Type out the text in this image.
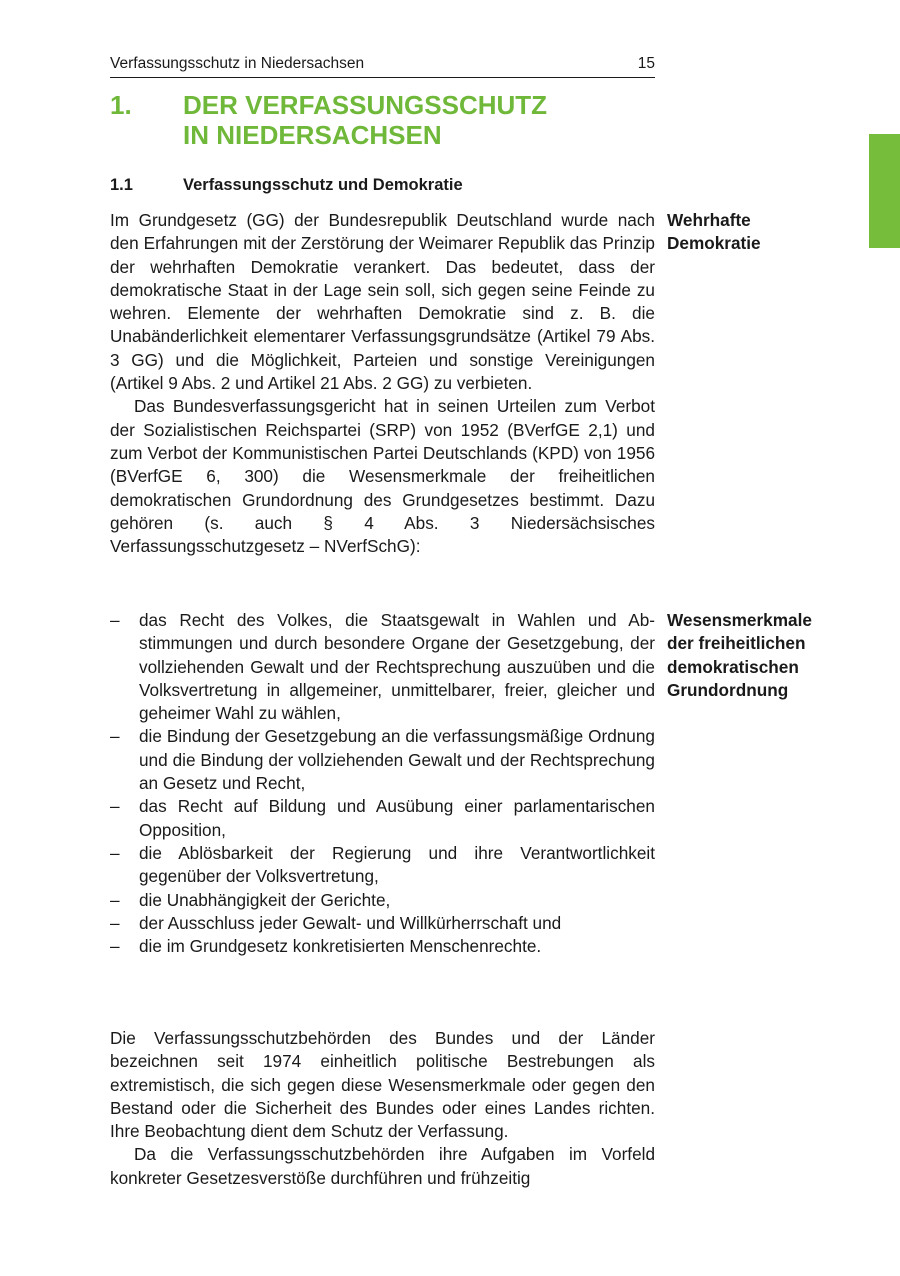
Verfassungsschutz in Niedersachsen	15
1. DER VERFASSUNGSSCHUTZ
IN NIEDERSACHSEN
1.1	Verfassungsschutz und Demokratie

Im Grundgesetz (GG) der Bundesrepublik Deutschland wurde nach den Erfahrungen mit der Zerstörung der Weimarer Republik das Prinzip der wehrhaften Demokratie verankert. Das bedeutet, dass der demokratische Staat in der Lage sein soll, sich gegen seine Feinde zu wehren. Elemente der wehrhaften Demokratie sind z. B. die Unabänderlichkeit elementarer Verfassungsgrundsätze (Artikel 79 Abs. 3 GG) und die Möglichkeit, Parteien und sonstige Vereinigungen (Artikel 9 Abs. 2 und Artikel 21 Abs. 2 GG) zu verbieten.

Das Bundesverfassungsgericht hat in seinen Urteilen zum Verbot der Sozialistischen Reichspartei (SRP) von 1952 (BVerfGE 2,1) und zum Verbot der Kommunistischen Partei Deutschlands (KPD) von 1956 (BVerfGE 6, 300) die Wesensmerkmale der freiheitlichen demokratischen Grundordnung des Grundgesetzes bestimmt. Dazu gehören (s. auch § 4 Abs. 3 Niedersächsisches Verfassungsschutzgesetz – NVerfSchG):

Wehrhafte
Demokratie
– das Recht des Volkes, die Staatsgewalt in Wahlen und Abstimmungen und durch besondere Organe der Gesetzgebung, der vollziehenden Gewalt und der Rechtsprechung auszuüben und die Volksvertretung in allgemeiner, unmittelbarer, freier, gleicher und geheimer Wahl zu wählen,
– die Bindung der Gesetzgebung an die verfassungsmäßige Ordnung und die Bindung der vollziehenden Gewalt und der Rechtsprechung an Gesetz und Recht,
– das Recht auf Bildung und Ausübung einer parlamentarischen Opposition,
– die Ablösbarkeit der Regierung und ihre Verantwortlichkeit gegenüber der Volksvertretung,
– die Unabhängigkeit der Gerichte,
– der Ausschluss jeder Gewalt- und Willkürherrschaft und
– die im Grundgesetz konkretisierten Menschenrechte.
Wesensmerkmale
der freiheitlichen
demokratischen
Grundordnung

Die Verfassungsschutzbehörden des Bundes und der Länder bezeichnen seit 1974 einheitlich politische Bestrebungen als extremistisch, die sich gegen diese Wesensmerkmale oder gegen den Bestand oder die Sicherheit des Bundes oder eines Landes richten. Ihre Beobachtung dient dem Schutz der Verfassung.

Da die Verfassungsschutzbehörden ihre Aufgaben im Vorfeld konkreter Gesetzesverstöße durchführen und frühzeitig
